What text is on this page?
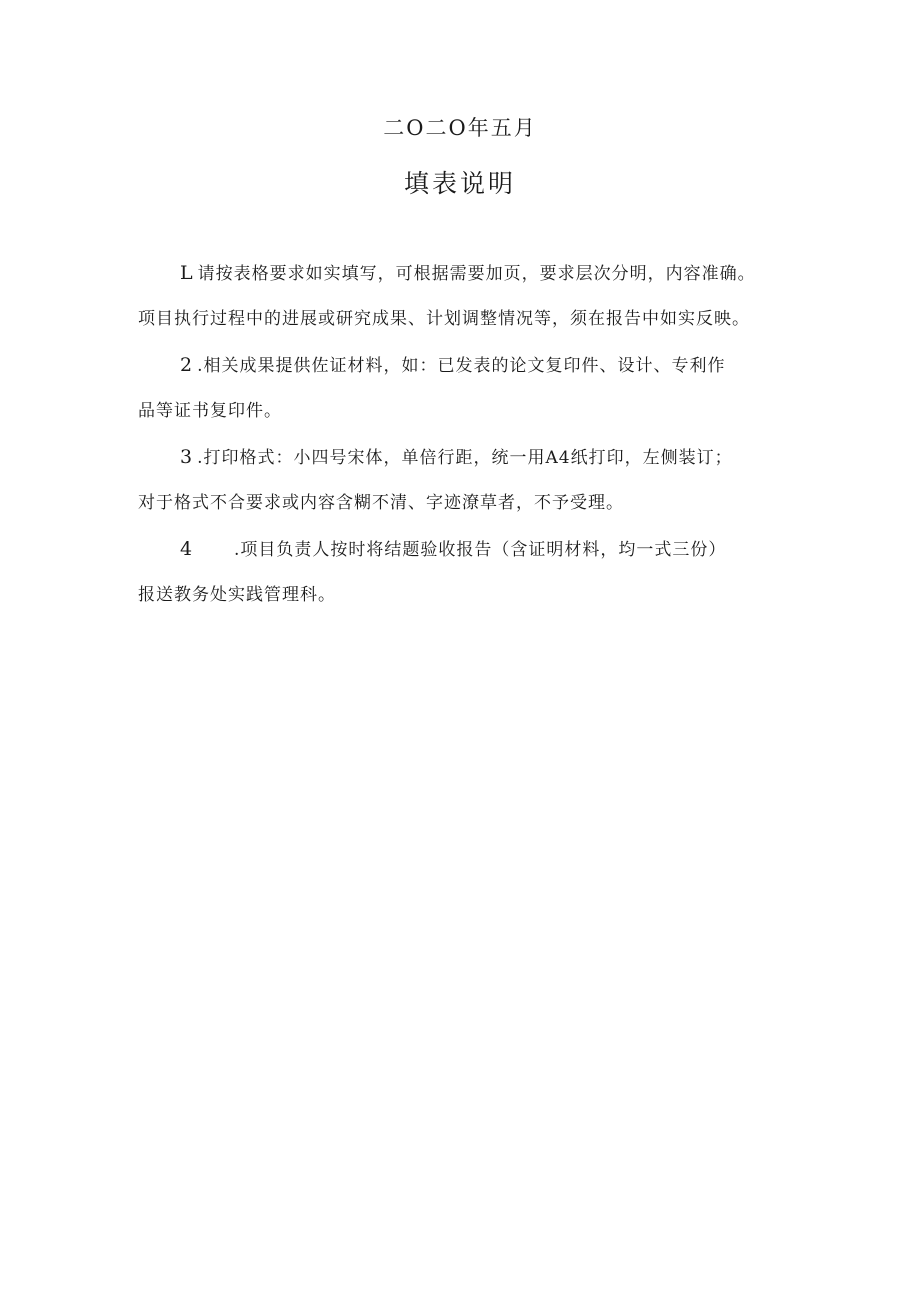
二O二O年五月
填表说明
L 请按表格要求如实填写，可根据需要加页，要求层次分明，内容准确。
项目执行过程中的进展或研究成果、计划调整情况等，须在报告中如实反映。
2 .相关成果提供佐证材料，如：已发表的论文复印件、设计、专利作
品等证书复印件。
3 .打印格式：小四号宋体，单倍行距，统一用A4纸打印，左侧装订；
对于格式不合要求或内容含糊不清、字迹潦草者，不予受理。
4 .项目负责人按时将结题验收报告（含证明材料，均一式三份）
报送教务处实践管理科。
